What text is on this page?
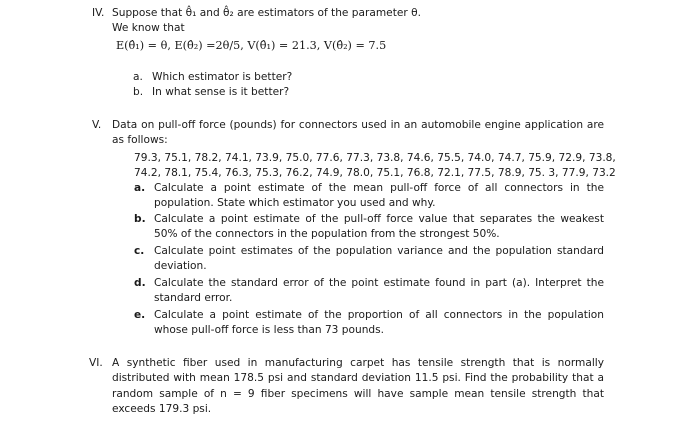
IV. Suppose that θ̂₁ and θ̂₂ are estimators of the parameter θ.
We know that
E(θ̂₁) = θ, E(θ̂₂) =2θ/5, V(θ̂₁) = 21.3, V(θ̂₂) = 7.5
a. Which estimator is better?
b. In what sense is it better?
V. Data on pull-off force (pounds) for connectors used in an automobile engine application are as follows:
79.3, 75.1, 78.2, 74.1, 73.9, 75.0, 77.6, 77.3, 73.8, 74.6, 75.5, 74.0, 74.7, 75.9, 72.9, 73.8,
74.2, 78.1, 75.4, 76.3, 75.3, 76.2, 74.9, 78.0, 75.1, 76.8, 72.1, 77.5, 78.9, 75. 3, 77.9, 73.2
a. Calculate a point estimate of the mean pull-off force of all connectors in the population. State which estimator you used and why.
b. Calculate a point estimate of the pull-off force value that separates the weakest 50% of the connectors in the population from the strongest 50%.
c. Calculate point estimates of the population variance and the population standard deviation.
d. Calculate the standard error of the point estimate found in part (a). Interpret the standard error.
e. Calculate a point estimate of the proportion of all connectors in the population whose pull-off force is less than 73 pounds.
VI. A synthetic fiber used in manufacturing carpet has tensile strength that is normally distributed with mean 178.5 psi and standard deviation 11.5 psi. Find the probability that a random sample of n = 9 fiber specimens will have sample mean tensile strength that exceeds 179.3 psi.
